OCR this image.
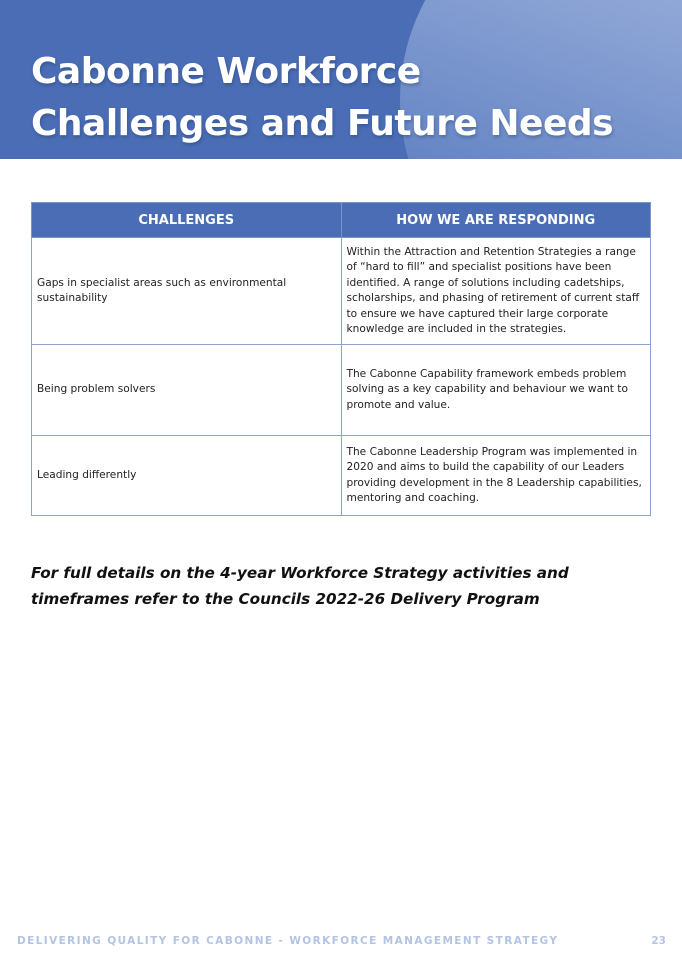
Cabonne Workforce
Challenges and Future Needs
CHALLENGES	HOW WE ARE RESPONDING
Gaps in specialist areas such as environmental sustainability	Within the Attraction and Retention Strategies a range of “hard to fill” and specialist positions have been identified. A range of solutions including cadetships, scholarships, and phasing of retirement of current staff to ensure we have captured their large corporate knowledge are included in the strategies.
Being problem solvers	The Cabonne Capability framework embeds problem solving as a key capability and behaviour we want to promote and value.
Leading differently	The Cabonne Leadership Program was implemented in 2020 and aims to build the capability of our Leaders providing development in the 8 Leadership capabilities, mentoring and coaching.

For full details on the 4-year Workforce Strategy activities and timeframes refer to the Councils 2022-26 Delivery Program

DELIVERING QUALITY FOR CABONNE - WORKFORCE MANAGEMENT STRATEGY	23
